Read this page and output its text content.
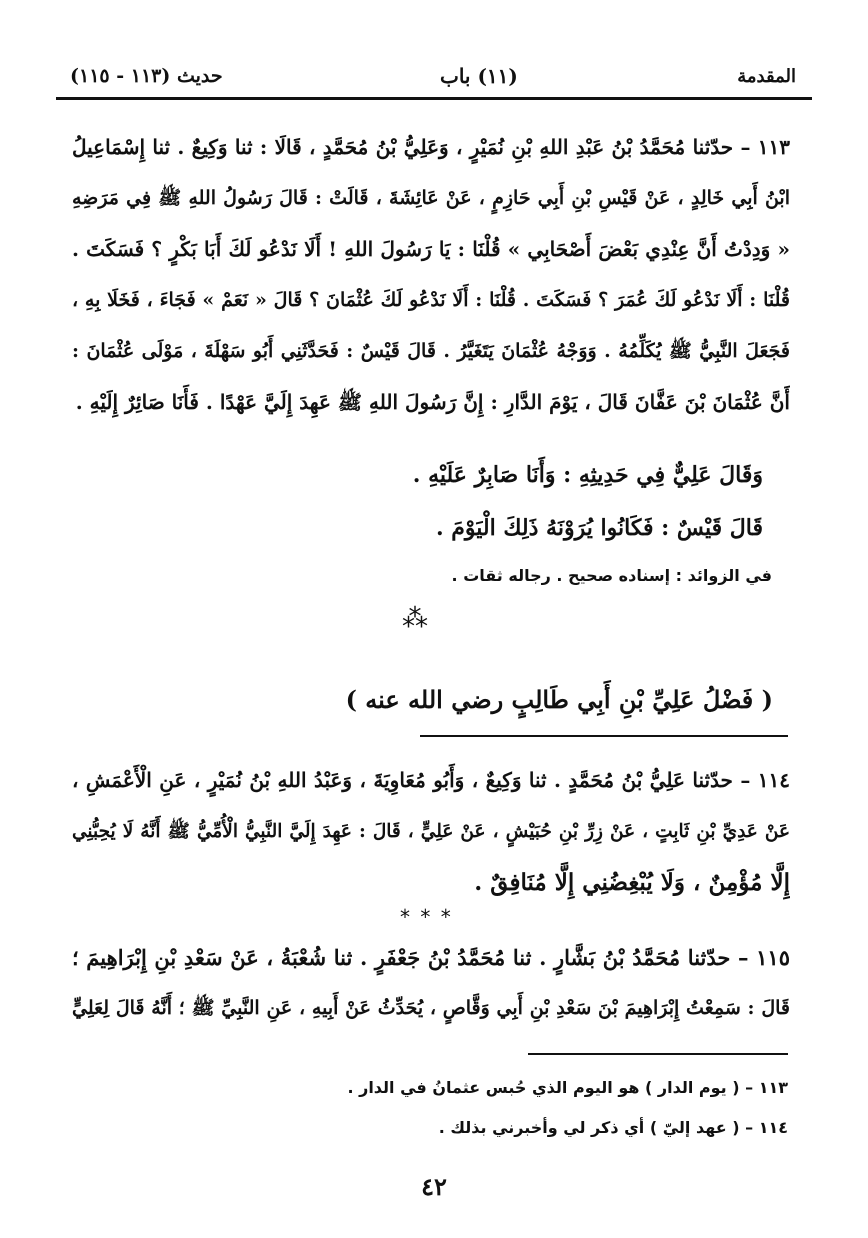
المقدمة
(١١) باب
حديث (١١٣ - ١١٥)
١١٣ – حدّثنا مُحَمَّدُ بْنُ عَبْدِ اللهِ بْنِ نُمَيْرٍ ، وَعَلِيُّ بْنُ مُحَمَّدٍ ، قَالَا : ثنا وَكِيعٌ . ثنا إِسْمَاعِيلُ
ابْنُ أَبِي خَالِدٍ ، عَنْ قَيْسِ بْنِ أَبِي حَازِمٍ ، عَنْ عَائِشَةَ ، قَالَتْ : قَالَ رَسُولُ اللهِ ﷺ فِي مَرَضِهِ
« وَدِدْتُ أَنَّ عِنْدِي بَعْضَ أَصْحَابِي » قُلْنَا : يَا رَسُولَ اللهِ ! أَلَا نَدْعُو لَكَ أَبَا بَكْرٍ ؟ فَسَكَتَ .
قُلْنَا : أَلَا نَدْعُو لَكَ عُمَرَ ؟ فَسَكَتَ . قُلْنَا : أَلَا نَدْعُو لَكَ عُثْمَانَ ؟ قَالَ « نَعَمْ » فَجَاءَ ، فَخَلَا بِهِ ،
فَجَعَلَ النَّبِيُّ ﷺ يُكَلِّمُهُ . وَوَجْهُ عُثْمَانَ يَتَغَيَّرُ . قَالَ قَيْسٌ : فَحَدَّثَنِي أَبُو سَهْلَةَ ، مَوْلَى عُثْمَانَ :
أَنَّ عُثْمَانَ بْنَ عَفَّانَ قَالَ ، يَوْمَ الدَّارِ : إِنَّ رَسُولَ اللهِ ﷺ عَهِدَ إِلَيَّ عَهْدًا . فَأَنَا صَائِرٌ إِلَيْهِ .
وَقَالَ عَلِيٌّ فِي حَدِيثِهِ : وَأَنَا صَابِرٌ عَلَيْهِ .
قَالَ قَيْسٌ : فَكَانُوا يُرَوْنَهُ ذَلِكَ الْيَوْمَ .
في الزوائد : إسناده صحيح . رجاله ثقات .
⁂
( فَضْلُ عَلِيِّ بْنِ أَبِي طَالِبٍ رضي الله عنه )
١١٤ – حدّثنا عَلِيُّ بْنُ مُحَمَّدٍ . ثنا وَكِيعٌ ، وَأَبُو مُعَاوِيَةَ ، وَعَبْدُ اللهِ بْنُ نُمَيْرٍ ، عَنِ الْأَعْمَشِ ،
عَنْ عَدِيِّ بْنِ ثَابِتٍ ، عَنْ زِرِّ بْنِ حُبَيْشٍ ، عَنْ عَلِيٍّ ، قَالَ : عَهِدَ إِلَيَّ النَّبِيُّ الْأُمِّيُّ ﷺ أَنَّهُ لَا يُحِبُّنِي
إِلَّا مُؤْمِنٌ ، وَلَا يُبْغِضُنِي إِلَّا مُنَافِقٌ .
* * *
١١٥ – حدّثنا مُحَمَّدُ بْنُ بَشَّارٍ . ثنا مُحَمَّدُ بْنُ جَعْفَرٍ . ثنا شُعْبَةُ ، عَنْ سَعْدِ بْنِ إِبْرَاهِيمَ ؛
قَالَ : سَمِعْتُ إِبْرَاهِيمَ بْنَ سَعْدِ بْنِ أَبِي وَقَّاصٍ ، يُحَدِّثُ عَنْ أَبِيهِ ، عَنِ النَّبِيِّ ﷺ ؛ أَنَّهُ قَالَ لِعَلِيٍّ
١١٣ – ( يوم الدار ) هو اليوم الذي حُبس عثمانُ في الدار .
١١٤ – ( عهد إليّ ) أي ذكر لي وأخبرني بذلك .
٤٢
